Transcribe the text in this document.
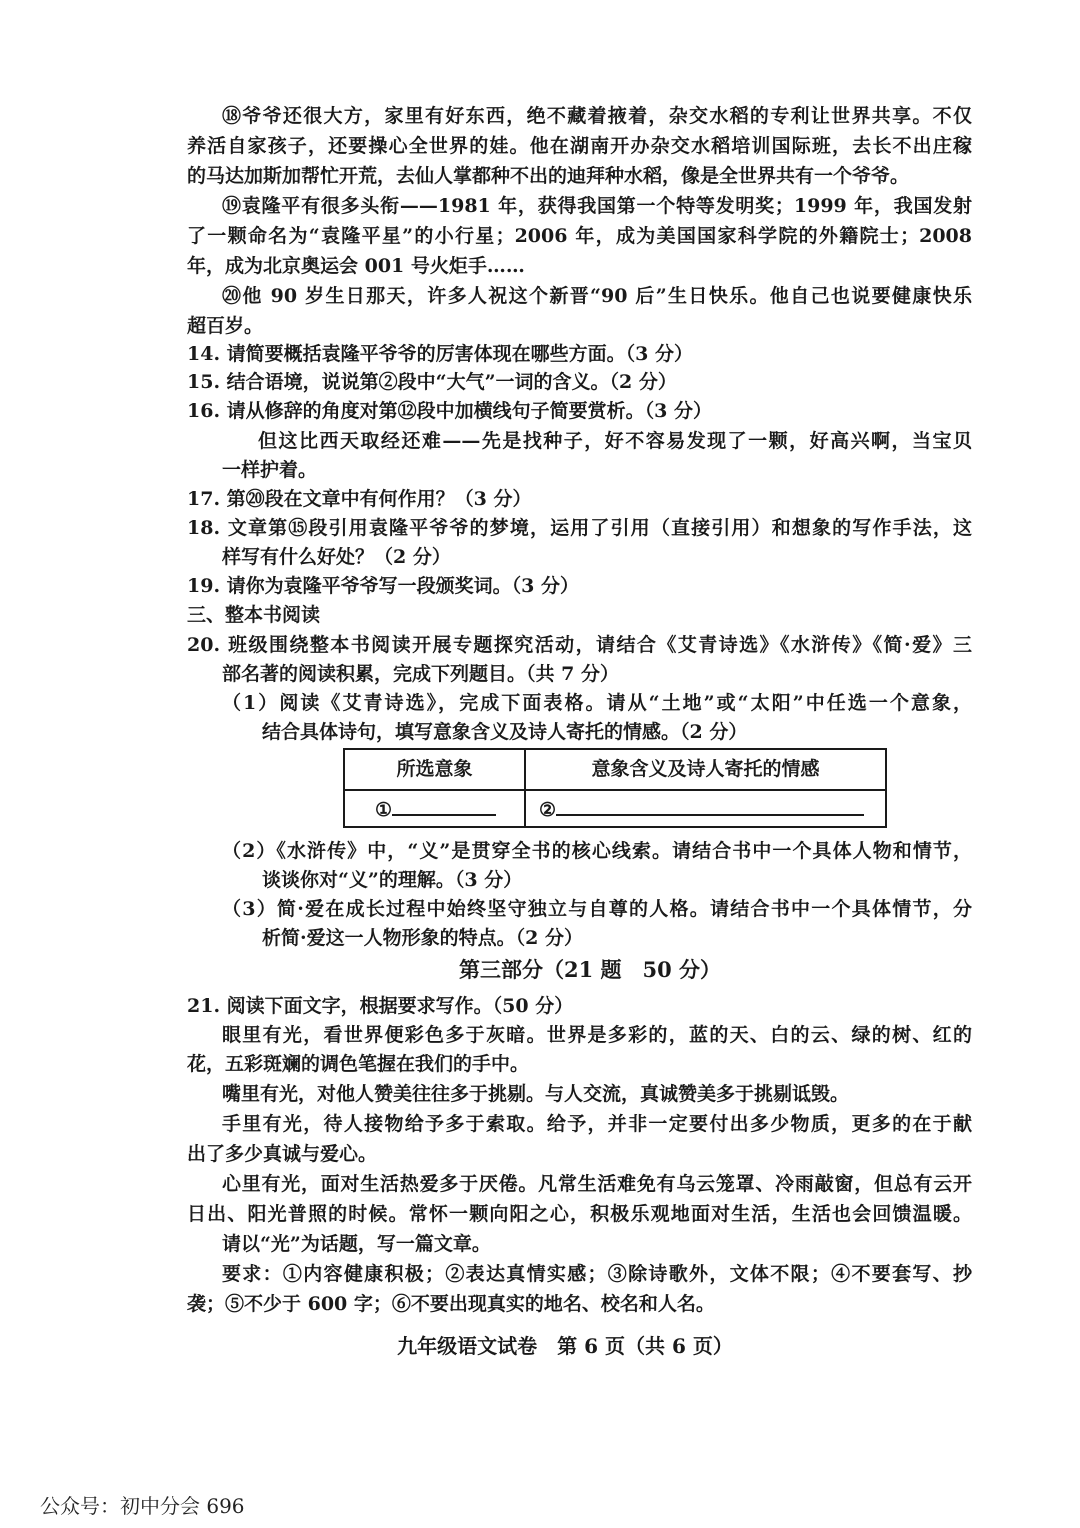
⑱爷爷还很大方，家里有好东西，绝不藏着掖着，杂交水稻的专利让世界共享。不仅
养活自家孩子，还要操心全世界的娃。他在湖南开办杂交水稻培训国际班，去长不出庄稼
的马达加斯加帮忙开荒，去仙人掌都种不出的迪拜种水稻，像是全世界共有一个爷爷。
⑲袁隆平有很多头衔——1981 年，获得我国第一个特等发明奖；1999 年，我国发射
了一颗命名为“袁隆平星”的小行星；2006 年，成为美国国家科学院的外籍院士；2008
年，成为北京奥运会 001 号火炬手……
⑳他 90 岁生日那天，许多人祝这个新晋“90 后”生日快乐。他自己也说要健康快乐
超百岁。
14. 请简要概括袁隆平爷爷的厉害体现在哪些方面。（3 分）
15. 结合语境，说说第②段中“大气”一词的含义。（2 分）
16. 请从修辞的角度对第⑫段中加横线句子简要赏析。（3 分）
但这比西天取经还难——先是找种子，好不容易发现了一颗，好高兴啊，当宝贝
一样护着。
17. 第⑳段在文章中有何作用？（3 分）
18. 文章第⑮段引用袁隆平爷爷的梦境，运用了引用（直接引用）和想象的写作手法，这
样写有什么好处？（2 分）
19. 请你为袁隆平爷爷写一段颁奖词。（3 分）
三、整本书阅读
20. 班级围绕整本书阅读开展专题探究活动，请结合《艾青诗选》《水浒传》《简·爱》三
部名著的阅读积累，完成下列题目。（共 7 分）
（1）阅读《艾青诗选》，完成下面表格。请从“土地”或“太阳”中任选一个意象，
结合具体诗句，填写意象含义及诗人寄托的情感。（2 分）
所选意象	意象含义及诗人寄托的情感
①	②
（2）《水浒传》中，“义”是贯穿全书的核心线索。请结合书中一个具体人物和情节，
谈谈你对“义”的理解。（3 分）
（3）简·爱在成长过程中始终坚守独立与自尊的人格。请结合书中一个具体情节，分
析简·爱这一人物形象的特点。（2 分）
第三部分（21 题　50 分）
21. 阅读下面文字，根据要求写作。（50 分）
眼里有光，看世界便彩色多于灰暗。世界是多彩的，蓝的天、白的云、绿的树、红的
花，五彩斑斓的调色笔握在我们的手中。
嘴里有光，对他人赞美往往多于挑剔。与人交流，真诚赞美多于挑剔诋毁。
手里有光，待人接物给予多于索取。给予，并非一定要付出多少物质，更多的在于献
出了多少真诚与爱心。
心里有光，面对生活热爱多于厌倦。凡常生活难免有乌云笼罩、冷雨敲窗，但总有云开
日出、阳光普照的时候。常怀一颗向阳之心，积极乐观地面对生活，生活也会回馈温暖。
请以“光”为话题，写一篇文章。
要求：①内容健康积极；②表达真情实感；③除诗歌外，文体不限；④不要套写、抄
袭；⑤不少于 600 字；⑥不要出现真实的地名、校名和人名。
九年级语文试卷　第 6 页（共 6 页）
公众号：初中分会 696
